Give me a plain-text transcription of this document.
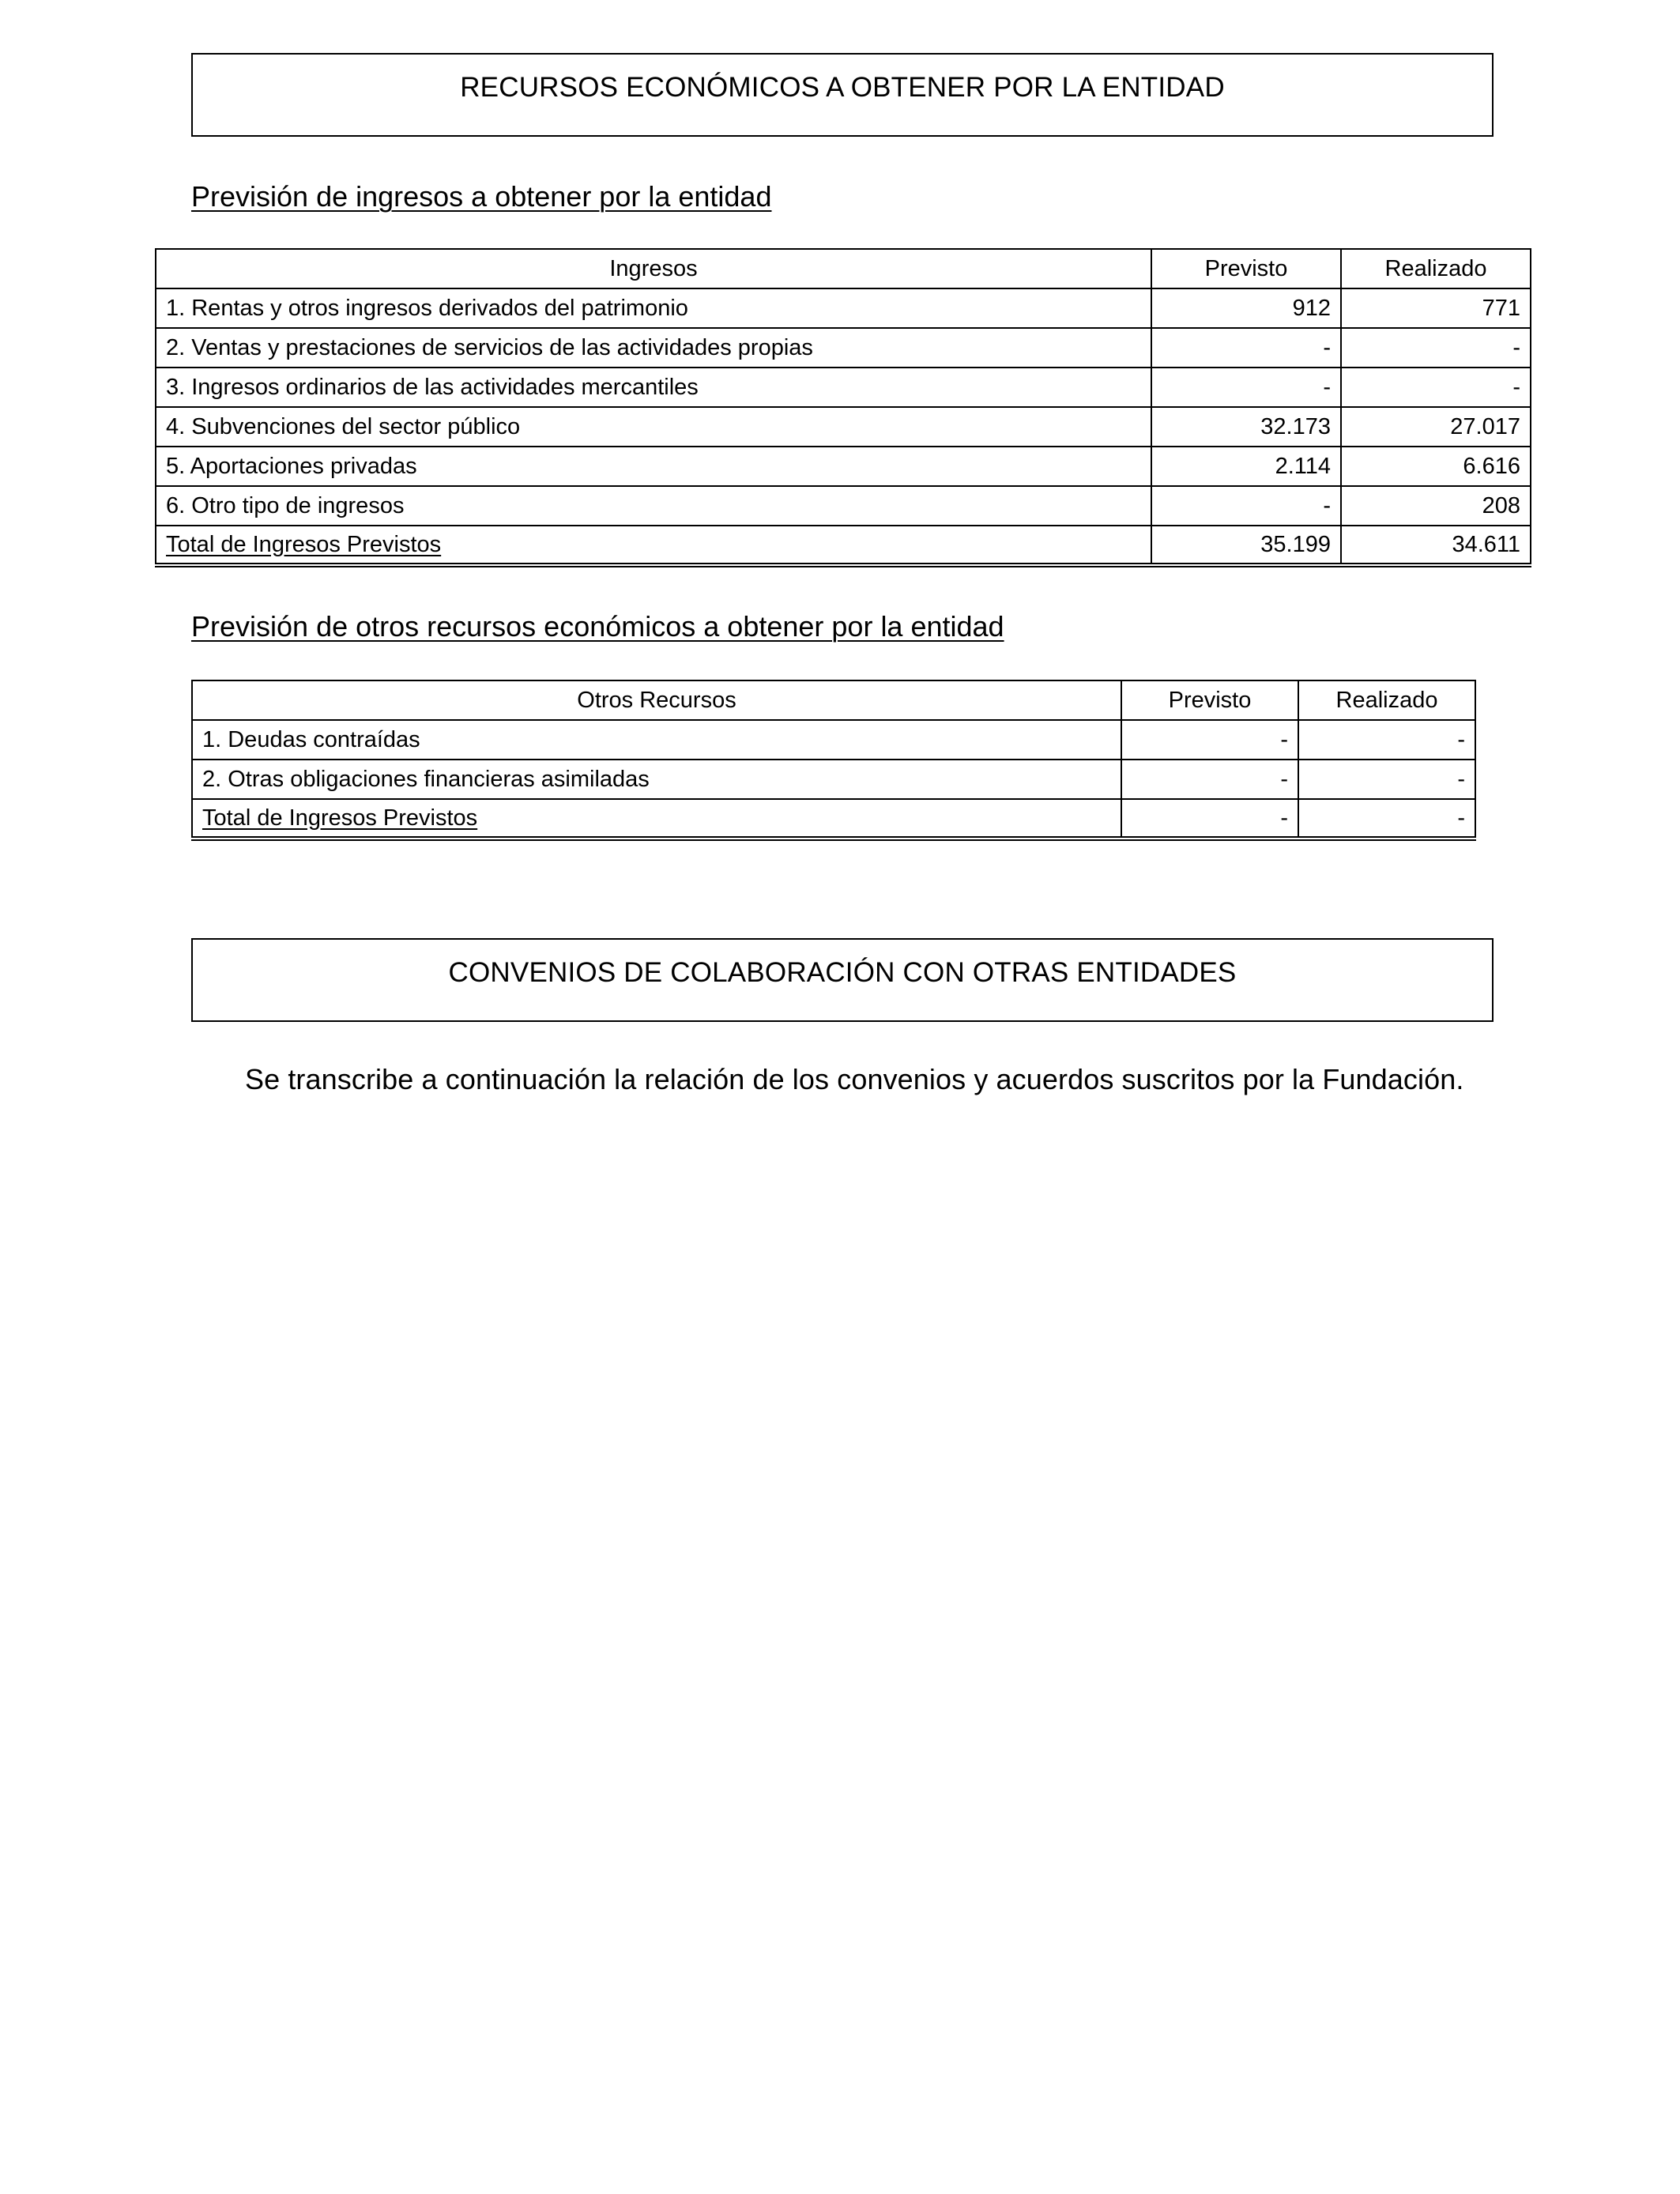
RECURSOS ECONÓMICOS A OBTENER POR LA ENTIDAD
Previsión de ingresos a obtener por la entidad
Ingresos	Previsto	Realizado
1. Rentas y otros ingresos derivados del patrimonio	912	771
2. Ventas y prestaciones de servicios de las actividades propias	-	-
3. Ingresos ordinarios de las actividades mercantiles	-	-
4. Subvenciones del sector público	32.173	27.017
5. Aportaciones privadas	2.114	6.616
6. Otro tipo de ingresos	-	208
Total de Ingresos Previstos	35.199	34.611
Previsión de otros recursos económicos a obtener por la entidad
Otros Recursos	Previsto	Realizado
1. Deudas contraídas	-	-
2. Otras obligaciones financieras asimiladas	-	-
Total de Ingresos Previstos	-	-
CONVENIOS DE COLABORACIÓN CON OTRAS ENTIDADES
Se transcribe a continuación la relación de los convenios y acuerdos suscritos por la Fundación.
